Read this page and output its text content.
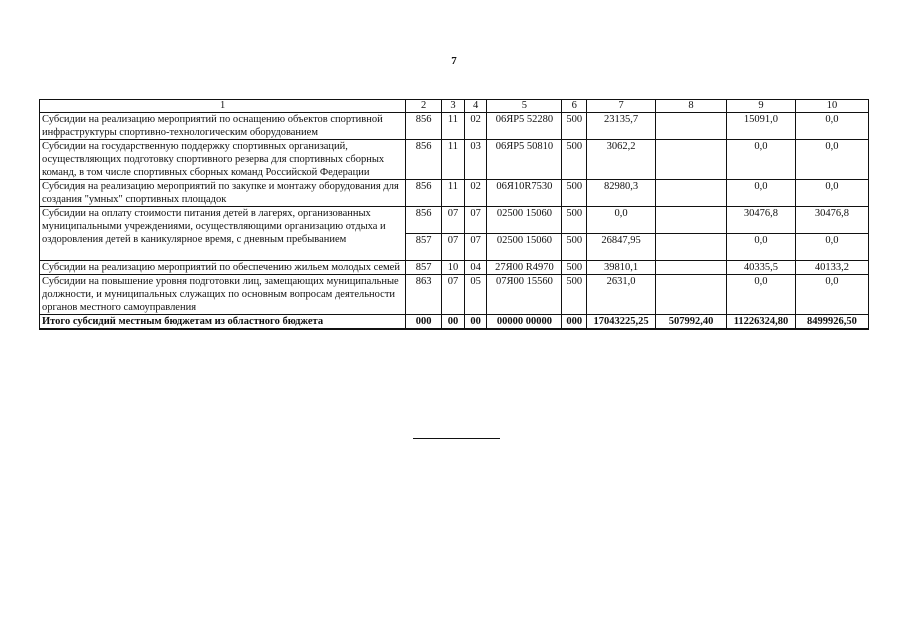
7
1	2	3	4	5	6	7	8	9	10
Субсидии на реализацию мероприятий по оснащению объектов спортивной инфраструктуры спортивно-технологическим оборудованием	856	11	02	06ЯР5 52280	500	23135,7		15091,0	0,0
Субсидии на государственную поддержку спортивных организаций, осуществляющих подготовку спортивного резерва для спортивных сборных команд, в том числе спортивных сборных команд Российской Федерации	856	11	03	06ЯР5 50810	500	3062,2		0,0	0,0
Субсидия на реализацию мероприятий по закупке и монтажу оборудования для создания "умных" спортивных площадок	856	11	02	06Я10R7530	500	82980,3		0,0	0,0
Субсидии на оплату стоимости питания детей в лагерях, организованных муниципальными учреждениями, осуществляющими организацию отдыха и оздоровления детей в каникулярное время, с дневным пребыванием	856	07	07	02500 15060	500	0,0		30476,8	30476,8
	857	07	07	02500 15060	500	26847,95		0,0	0,0
Субсидии на реализацию мероприятий по обеспечению жильем молодых семей	857	10	04	27Я00 R4970	500	39810,1		40335,5	40133,2
Субсидии на повышение уровня подготовки лиц, замещающих муниципальные должности, и муниципальных служащих по основным вопросам деятельности органов местного самоуправления	863	07	05	07Я00 15560	500	2631,0		0,0	0,0
Итого субсидий местным бюджетам из областного бюджета	000	00	00	00000 00000	000	17043225,25	507992,40	11226324,80	8499926,50
